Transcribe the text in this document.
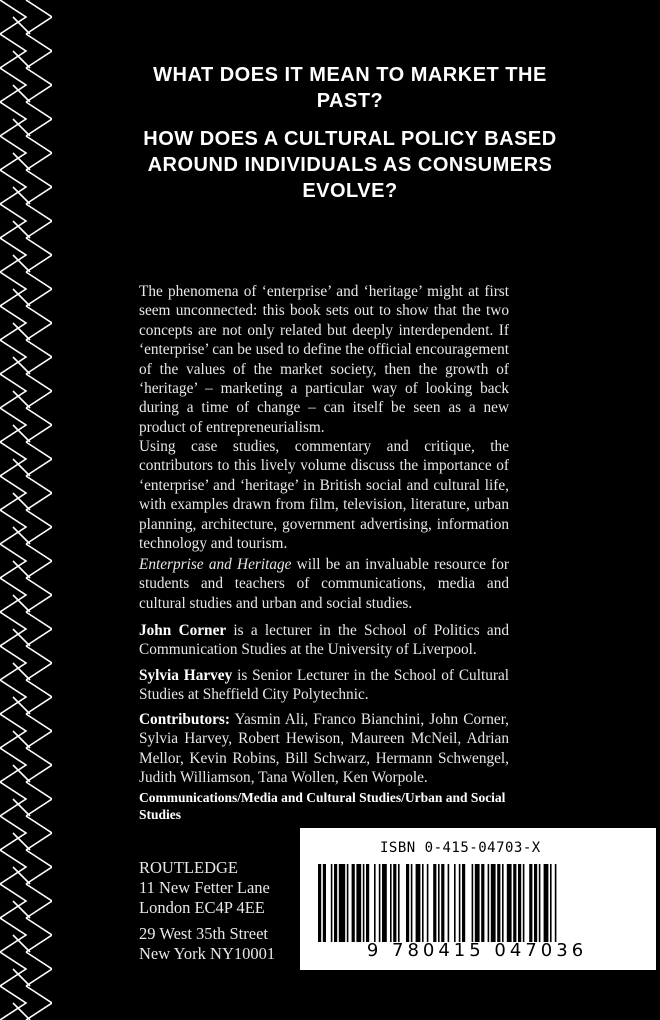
WHAT DOES IT MEAN TO MARKET THE PAST?
HOW DOES A CULTURAL POLICY BASED AROUND INDIVIDUALS AS CONSUMERS EVOLVE?

The phenomena of ‘enterprise’ and ‘heritage’ might at first seem unconnected: this book sets out to show that the two concepts are not only related but deeply interdependent. If ‘enterprise’ can be used to define the official encouragement of the values of the market society, then the growth of ‘heritage’ – marketing a particular way of looking back during a time of change – can itself be seen as a new product of entrepreneurialism.

Using case studies, commentary and critique, the contributors to this lively volume discuss the importance of ‘enterprise’ and ‘heritage’ in British social and cultural life, with examples drawn from film, television, literature, urban planning, architecture, government advertising, information technology and tourism.

Enterprise and Heritage will be an invaluable resource for students and teachers of communications, media and cultural studies and urban and social studies.

John Corner is a lecturer in the School of Politics and Communication Studies at the University of Liverpool.

Sylvia Harvey is Senior Lecturer in the School of Cultural Studies at Sheffield City Polytechnic.

Contributors: Yasmin Ali, Franco Bianchini, John Corner, Sylvia Harvey, Robert Hewison, Maureen McNeil, Adrian Mellor, Kevin Robins, Bill Schwarz, Hermann Schwengel, Judith Williamson, Tana Wollen, Ken Worpole.

Communications/Media and Cultural Studies/Urban and Social Studies

ROUTLEDGE
11 New Fetter Lane
London EC4P 4EE
29 West 35th Street
New York NY10001
ISBN 0-415-04703-X
9 780415 047036
